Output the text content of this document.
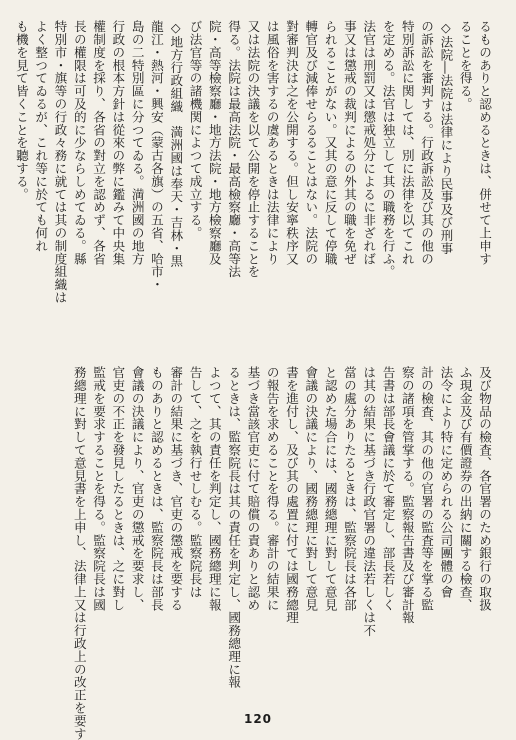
るものありと認めるときは、併せて上申す
ることを得る。
◇法院―法院は法律により民事及び刑事
の訴訟を審判する。行政訴訟及び其の他の
特別訴訟に関しては、別に法律を以てこれ
を定める。法官は独立して其の職務を行ふ。
法官は刑罰又は懲戒処分によるに非ざれば
事又は懲戒の裁判によるの外其の職を免ぜ
られることがない。又其の意に反して停職
轉官及び減俸せらるることはない。法院の
對審判決は之を公開する。但し安寧秩序又
は風俗を害するの虞あるときは法律により
又は法院の決議を以て公開を停止することを
得る。法院は最高法院・最高檢察廳・高等法
院・高等檢察廳・地方法院・地方檢察廳及
び法官等の諸機関によつて成立する。
◇地方行政組織　満洲國は奉天・吉林・黒
龍江・熱河・興安（蒙古各旗）の五省、哈市・
島の二特別區に分つてゐる。満洲國の地方
行政の根本方針は從來の弊に鑑みて中央集
權制度を採り、各省の對立を認めず、各省
長の權限は可及的に少ならしめてゐる。縣
特別市・旗等の行政々務に就ては其の制度組織は
よく整つてゐるが、これ等に於ても何れ
も機を見て皆くことを聽する。
及び物品の檢査、各官署のため銀行の取扱
ふ現金及び有價證券の出納に關する檢查、
法令により特に定められる公司團體の會
計の檢査、其の他の官署の監査等を掌る監
察の諸項を管掌する。監察報告書及び審計報
告書は部長會議に於て審定し、部長若しく
は其の結果に基づき行政官署の違法若しくは不
當の處分ありたるときは、監察院長は各部
と認めた場合には、國務總理に對して意見
會議の決議により、國務總理に對して意見
書を進付し、及び其の處置に付ては國務總理
の報告を求めることを得る。審計の結果に
基づき當該官吏に付て賠償の責ありと認め
るときは、監察院長は其の責任を判定し、國務總理に報
よつて、其の責任を判定し、國務總理に報
告して、之を執行せしむる。監察院長は
審計の結果に基づき、官吏の懲戒を要する
ものありと認めるときは、監察院長は部長
會議の決議により、官吏の懲戒を要求し、
官吏の不正を發見したるときは、之に對し
監戒を要求することを得る。監察院長は國
務總理に對して意見書を上申し、法律上又は行政上の改正を要す	120
